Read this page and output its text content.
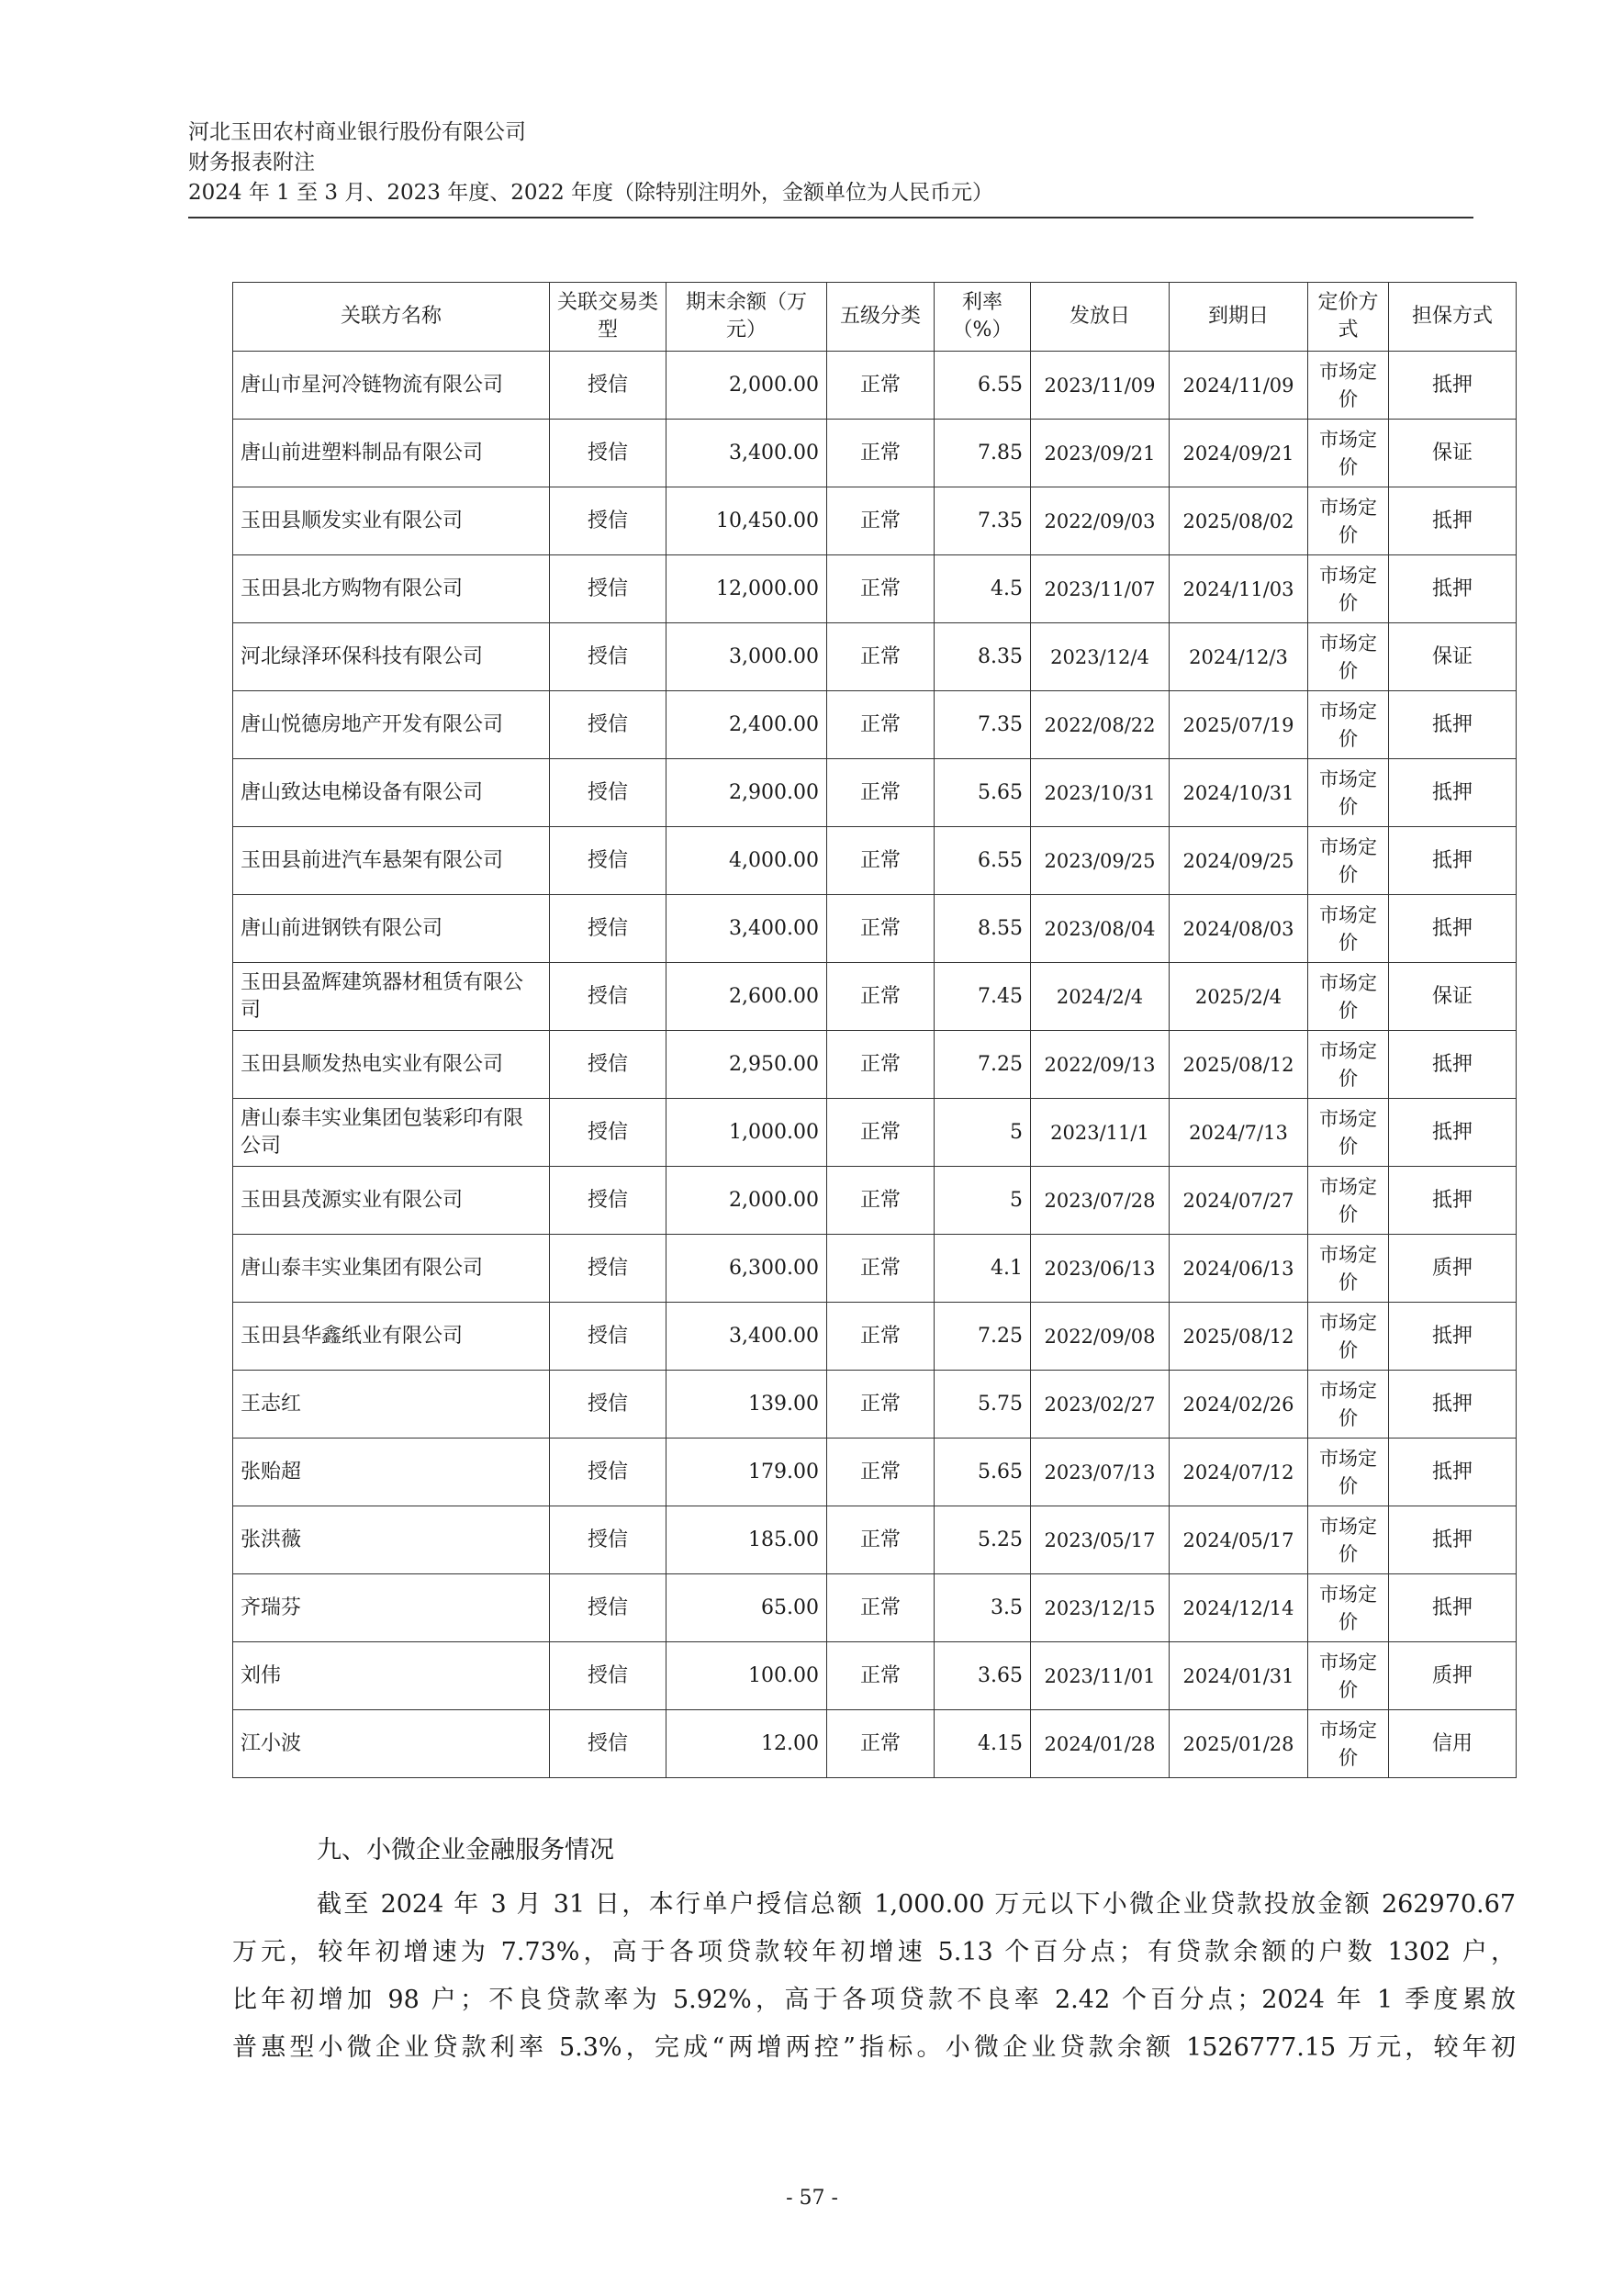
河北玉田农村商业银行股份有限公司
财务报表附注
2024 年 1 至 3 月、2023 年度、2022 年度（除特别注明外，金额单位为人民币元）
关联方名称	关联交易类型	期末余额（万元）	五级分类	利率（%）	发放日	到期日	定价方式	担保方式
唐山市星河冷链物流有限公司	授信	2,000.00	正常	6.55	2023/11/09	2024/11/09	市场定价	抵押
唐山前进塑料制品有限公司	授信	3,400.00	正常	7.85	2023/09/21	2024/09/21	市场定价	保证
玉田县顺发实业有限公司	授信	10,450.00	正常	7.35	2022/09/03	2025/08/02	市场定价	抵押
玉田县北方购物有限公司	授信	12,000.00	正常	4.5	2023/11/07	2024/11/03	市场定价	抵押
河北绿泽环保科技有限公司	授信	3,000.00	正常	8.35	2023/12/4	2024/12/3	市场定价	保证
唐山悦德房地产开发有限公司	授信	2,400.00	正常	7.35	2022/08/22	2025/07/19	市场定价	抵押
唐山致达电梯设备有限公司	授信	2,900.00	正常	5.65	2023/10/31	2024/10/31	市场定价	抵押
玉田县前进汽车悬架有限公司	授信	4,000.00	正常	6.55	2023/09/25	2024/09/25	市场定价	抵押
唐山前进钢铁有限公司	授信	3,400.00	正常	8.55	2023/08/04	2024/08/03	市场定价	抵押
玉田县盈辉建筑器材租赁有限公司	授信	2,600.00	正常	7.45	2024/2/4	2025/2/4	市场定价	保证
玉田县顺发热电实业有限公司	授信	2,950.00	正常	7.25	2022/09/13	2025/08/12	市场定价	抵押
唐山泰丰实业集团包装彩印有限公司	授信	1,000.00	正常	5	2023/11/1	2024/7/13	市场定价	抵押
玉田县茂源实业有限公司	授信	2,000.00	正常	5	2023/07/28	2024/07/27	市场定价	抵押
唐山泰丰实业集团有限公司	授信	6,300.00	正常	4.1	2023/06/13	2024/06/13	市场定价	质押
玉田县华鑫纸业有限公司	授信	3,400.00	正常	7.25	2022/09/08	2025/08/12	市场定价	抵押
王志红	授信	139.00	正常	5.75	2023/02/27	2024/02/26	市场定价	抵押
张贻超	授信	179.00	正常	5.65	2023/07/13	2024/07/12	市场定价	抵押
张洪薇	授信	185.00	正常	5.25	2023/05/17	2024/05/17	市场定价	抵押
齐瑞芬	授信	65.00	正常	3.5	2023/12/15	2024/12/14	市场定价	抵押
刘伟	授信	100.00	正常	3.65	2023/11/01	2024/01/31	市场定价	质押
江小波	授信	12.00	正常	4.15	2024/01/28	2025/01/28	市场定价	信用
九、小微企业金融服务情况
截至 2024 年 3 月 31 日，本行单户授信总额 1,000.00 万元以下小微企业贷款投放金额 262970.67
万元，较年初增速为 7.73%，高于各项贷款较年初增速 5.13 个百分点；有贷款余额的户数 1302 户，
比年初增加 98 户；不良贷款率为 5.92%，高于各项贷款不良率 2.42 个百分点；2024 年 1 季度累放
普惠型小微企业贷款利率 5.3%，完成“两增两控”指标。小微企业贷款余额 1526777.15 万元，较年初
- 57 -
